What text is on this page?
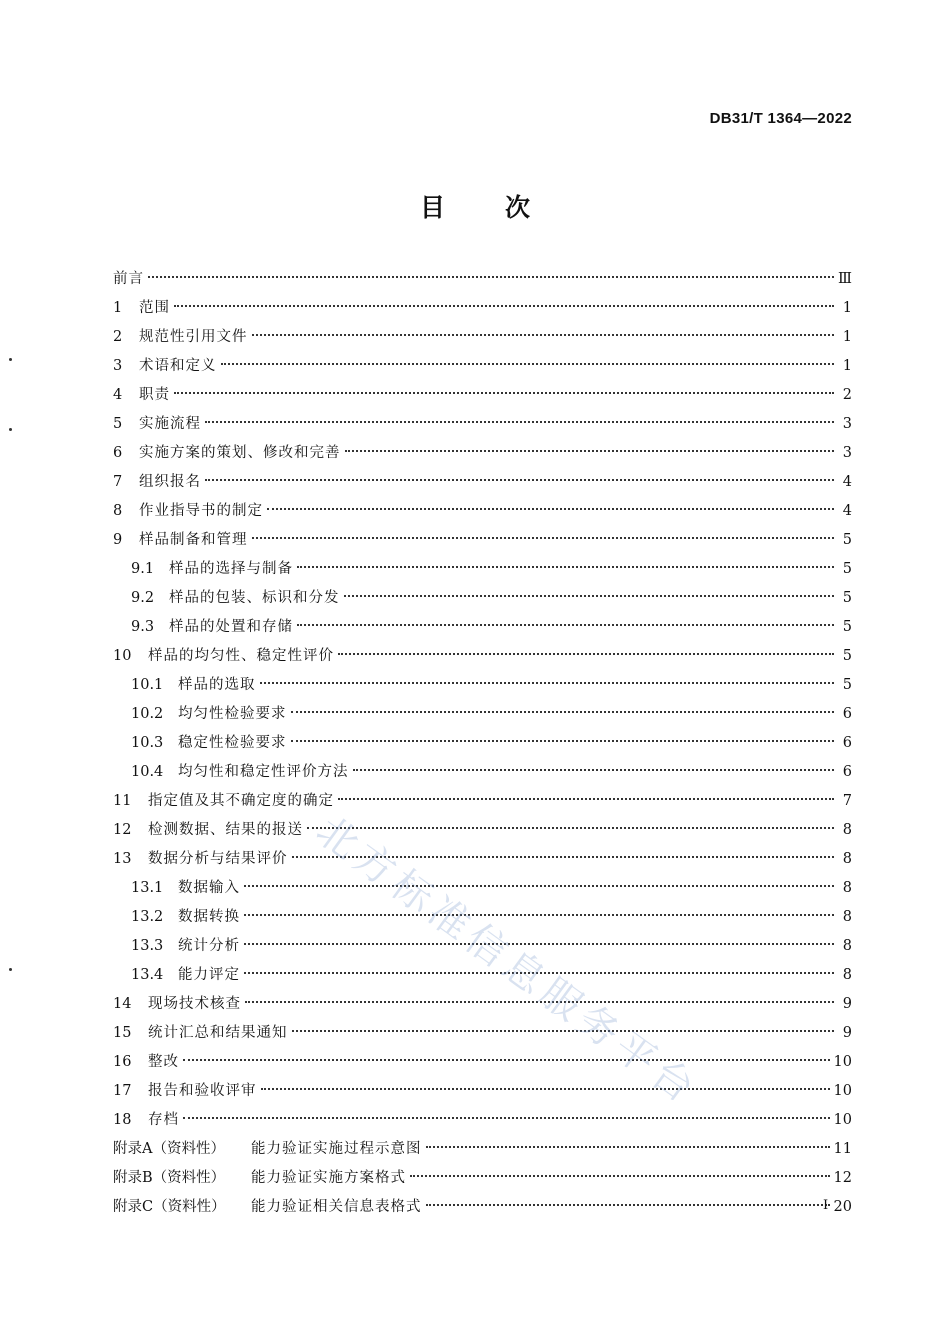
DB31/T 1364—2022
目 次
前言	Ⅲ
1	范围	1
2	规范性引用文件	1
3	术语和定义	1
4	职责	2
5	实施流程	3
6	实施方案的策划、修改和完善	3
7	组织报名	4
8	作业指导书的制定	4
9	样品制备和管理	5
9.1	样品的选择与制备	5
9.2	样品的包装、标识和分发	5
9.3	样品的处置和存储	5
10	样品的均匀性、稳定性评价	5
10.1	样品的选取	5
10.2	均匀性检验要求	6
10.3	稳定性检验要求	6
10.4	均匀性和稳定性评价方法	6
11	指定值及其不确定度的确定	7
12	检测数据、结果的报送	8
13	数据分析与结果评价	8
13.1	数据输入	8
13.2	数据转换	8
13.3	统计分析	8
13.4	能力评定	8
14	现场技术核查	9
15	统计汇总和结果通知	9
16	整改	10
17	报告和验收评审	10
18	存档	10
附录A（资料性）	能力验证实施过程示意图	11
附录B（资料性）	能力验证实施方案格式	12
附录C（资料性）	能力验证相关信息表格式	20
I
北方标准信息服务平台
